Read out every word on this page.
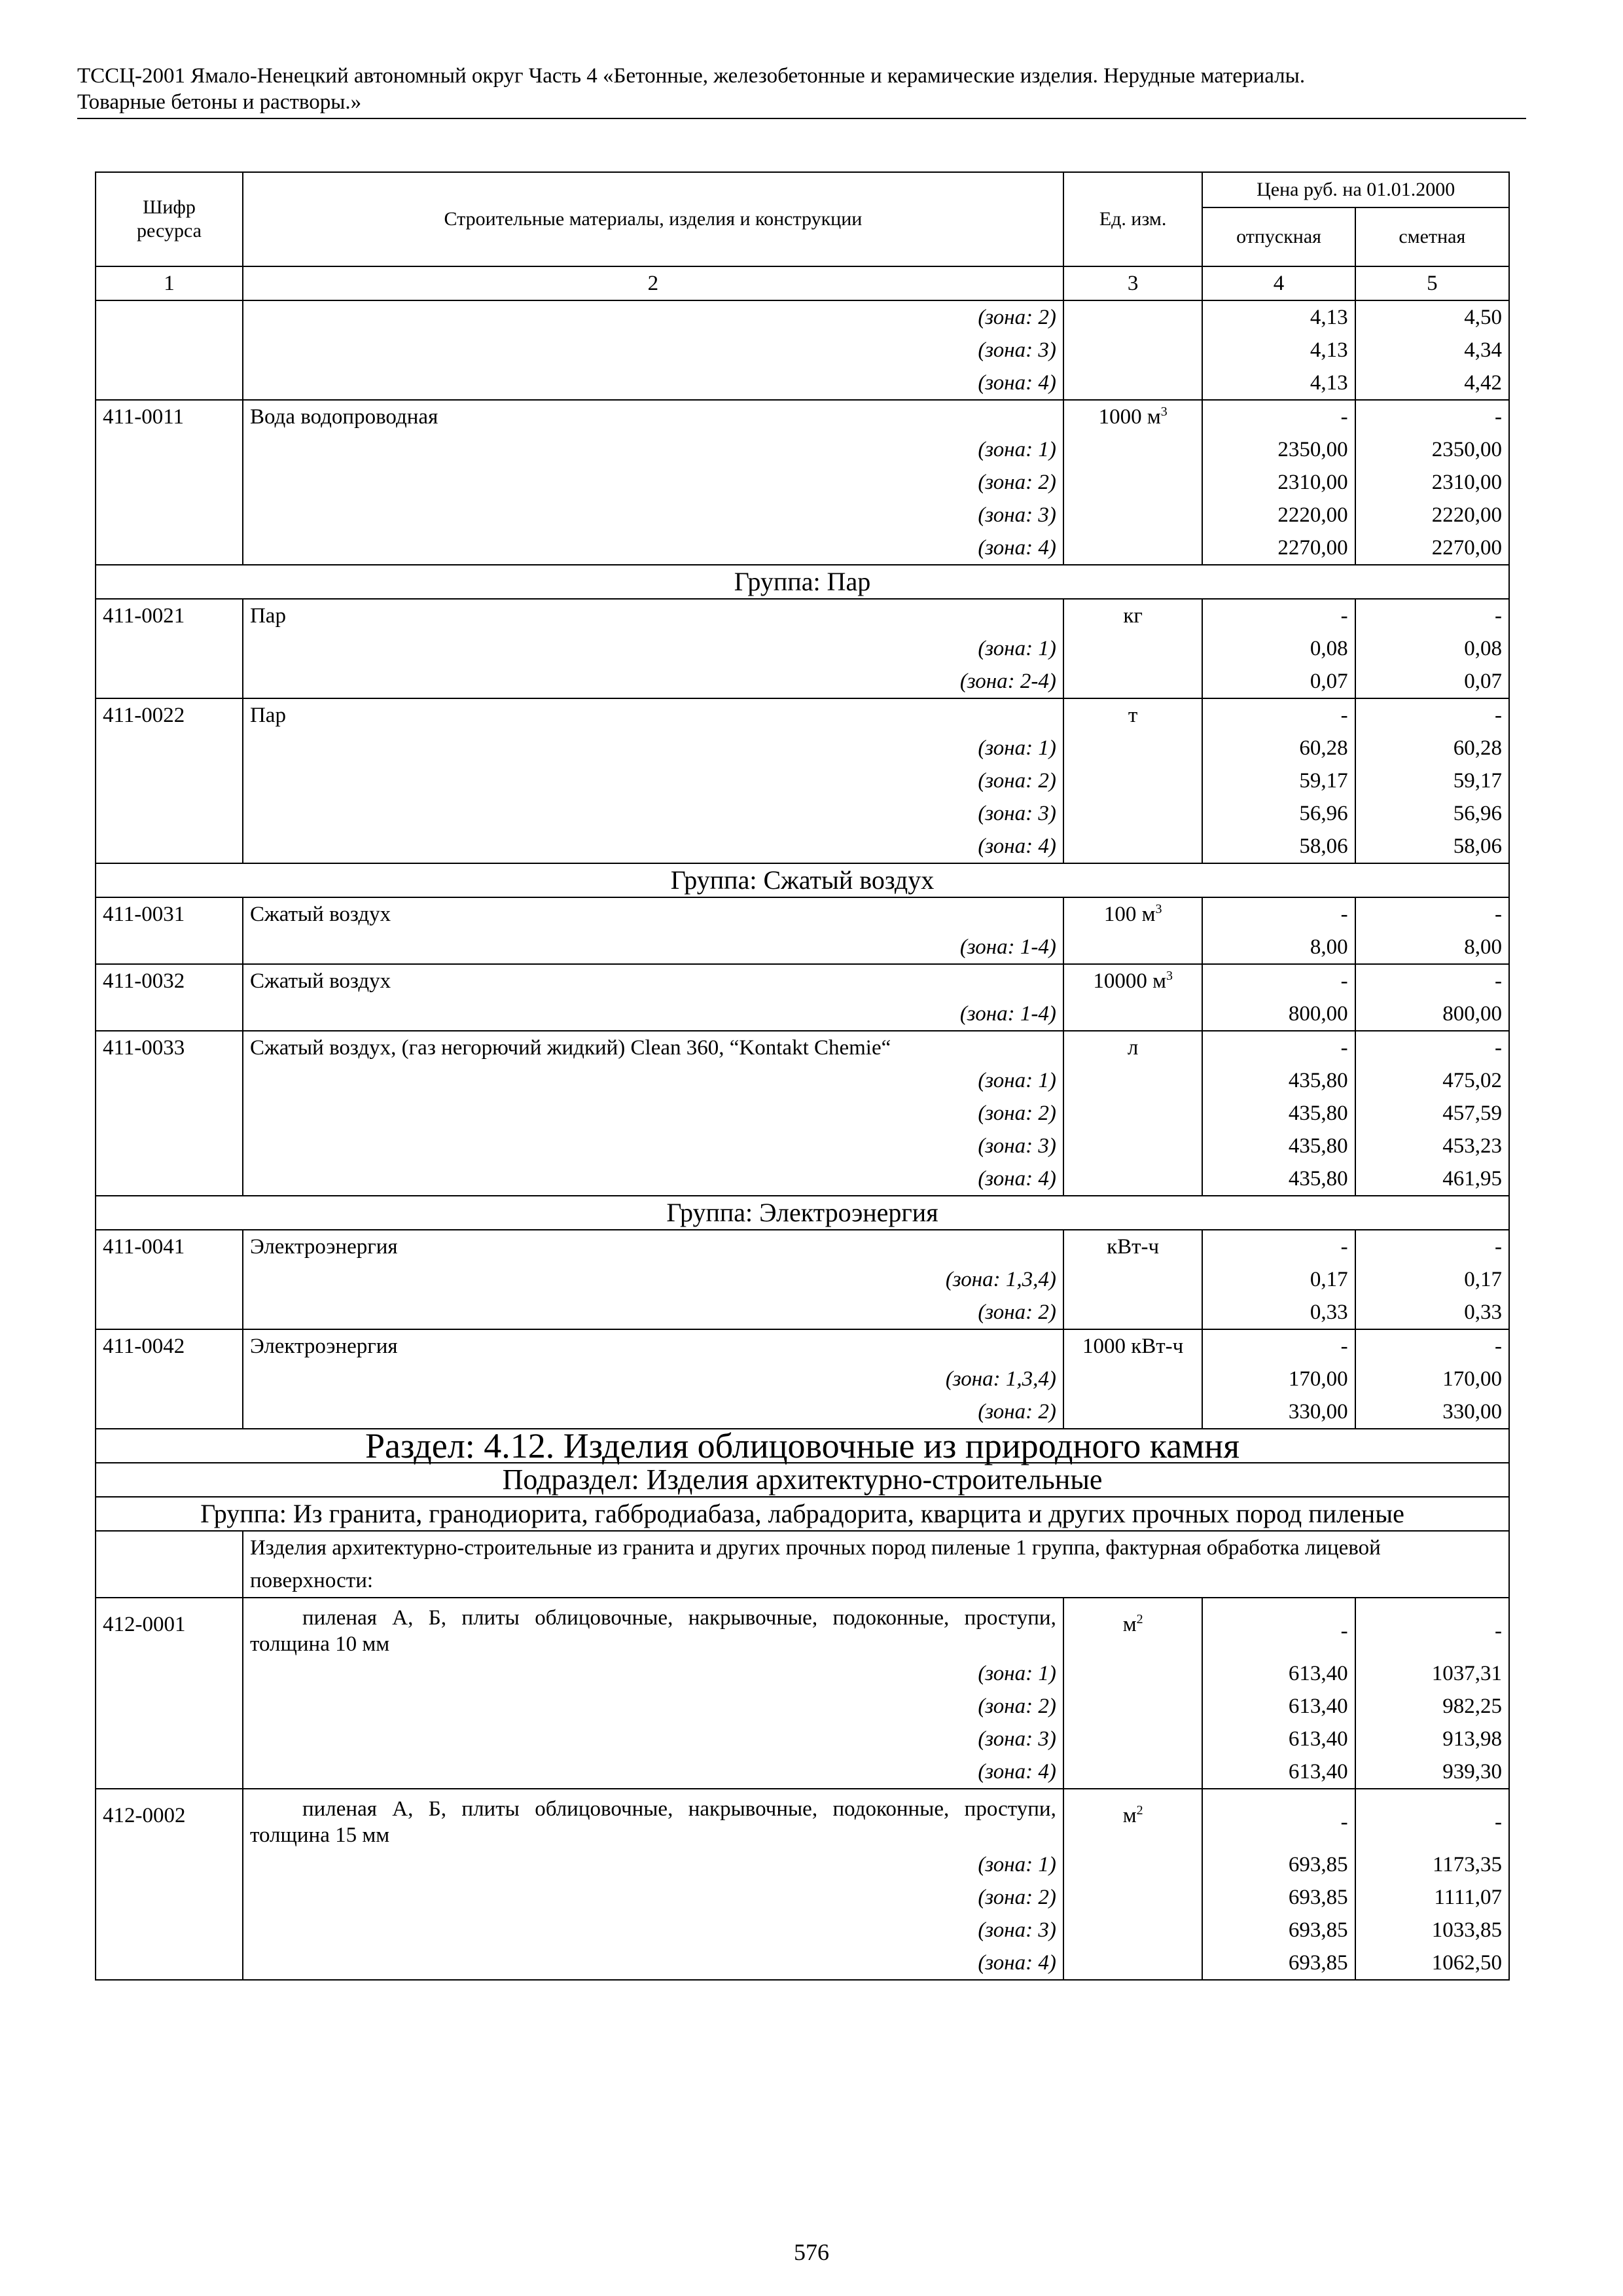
ТССЦ-2001 Ямало-Ненецкий автономный округ Часть 4 «Бетонные, железобетонные и керамические изделия. Нерудные материалы.
Товарные бетоны и растворы.»
Шифр ресурса	Строительные материалы, изделия и конструкции	Ед. изм.	Цена руб. на 01.01.2000	
			отпускная	сметная
1	2	3	4	5
	(зона: 2)		4,13	4,50
	(зона: 3)		4,13	4,34
	(зона: 4)		4,13	4,42
411-0011	Вода водопроводная	1000 $м^3$	-	-
	(зона: 1)		2350,00	2350,00
	(зона: 2)		2310,00	2310,00
	(зона: 3)		2220,00	2220,00
	(зона: 4)		2270,00	2270,00
Группа: Пар				
411-0021	Пар	кг	-	-
	(зона: 1)		0,08	0,08
	(зона: 2-4)		0,07	0,07
411-0022	Пар	т	-	-
	(зона: 1)		60,28	60,28
	(зона: 2)		59,17	59,17
	(зона: 3)		56,96	56,96
	(зона: 4)		58,06	58,06
Группа: Сжатый воздух				
411-0031	Сжатый воздух	100 $м^3$	-	-
	(зона: 1-4)		8,00	8,00
411-0032	Сжатый воздух	10000 $м^3$	-	-
	(зона: 1-4)		800,00	800,00
411-0033	Сжатый воздух, (газ негорючий жидкий) Clean 360, “Kontakt Chemie“	л	-	-
	(зона: 1)		435,80	475,02
	(зона: 2)		435,80	457,59
	(зона: 3)		435,80	453,23
	(зона: 4)		435,80	461,95
Группа: Электроэнергия				
411-0041	Электроэнергия	кВт-ч	-	-
	(зона: 1,3,4)		0,17	0,17
	(зона: 2)		0,33	0,33
411-0042	Электроэнергия	1000 кВт-ч	-	-
	(зона: 1,3,4)		170,00	170,00
	(зона: 2)		330,00	330,00
Раздел: 4.12. Изделия облицовочные из природного камня				
Подраздел: Изделия архитектурно-строительные				
Группа: Из гранита, гранодиорита, габбродиабаза, лабрадорита, кварцита и других прочных пород пиленые				
	Изделия архитектурно-строительные из гранита и других прочных пород пиленые 1 группа, фактурная обработка лицевой поверхности:			
412-0001	пиленая А, Б, плиты облицовочные, накрывочные, подоконные, проступи, толщина 10 мм	$м^2$	-	-
	(зона: 1)		613,40	1037,31
	(зона: 2)		613,40	982,25
	(зона: 3)		613,40	913,98
	(зона: 4)		613,40	939,30
412-0002	пиленая А, Б, плиты облицовочные, накрывочные, подоконные, проступи, толщина 15 мм	$м^2$	-	-
	(зона: 1)		693,85	1173,35
	(зона: 2)		693,85	1111,07
	(зона: 3)		693,85	1033,85
	(зона: 4)		693,85	1062,50
576
